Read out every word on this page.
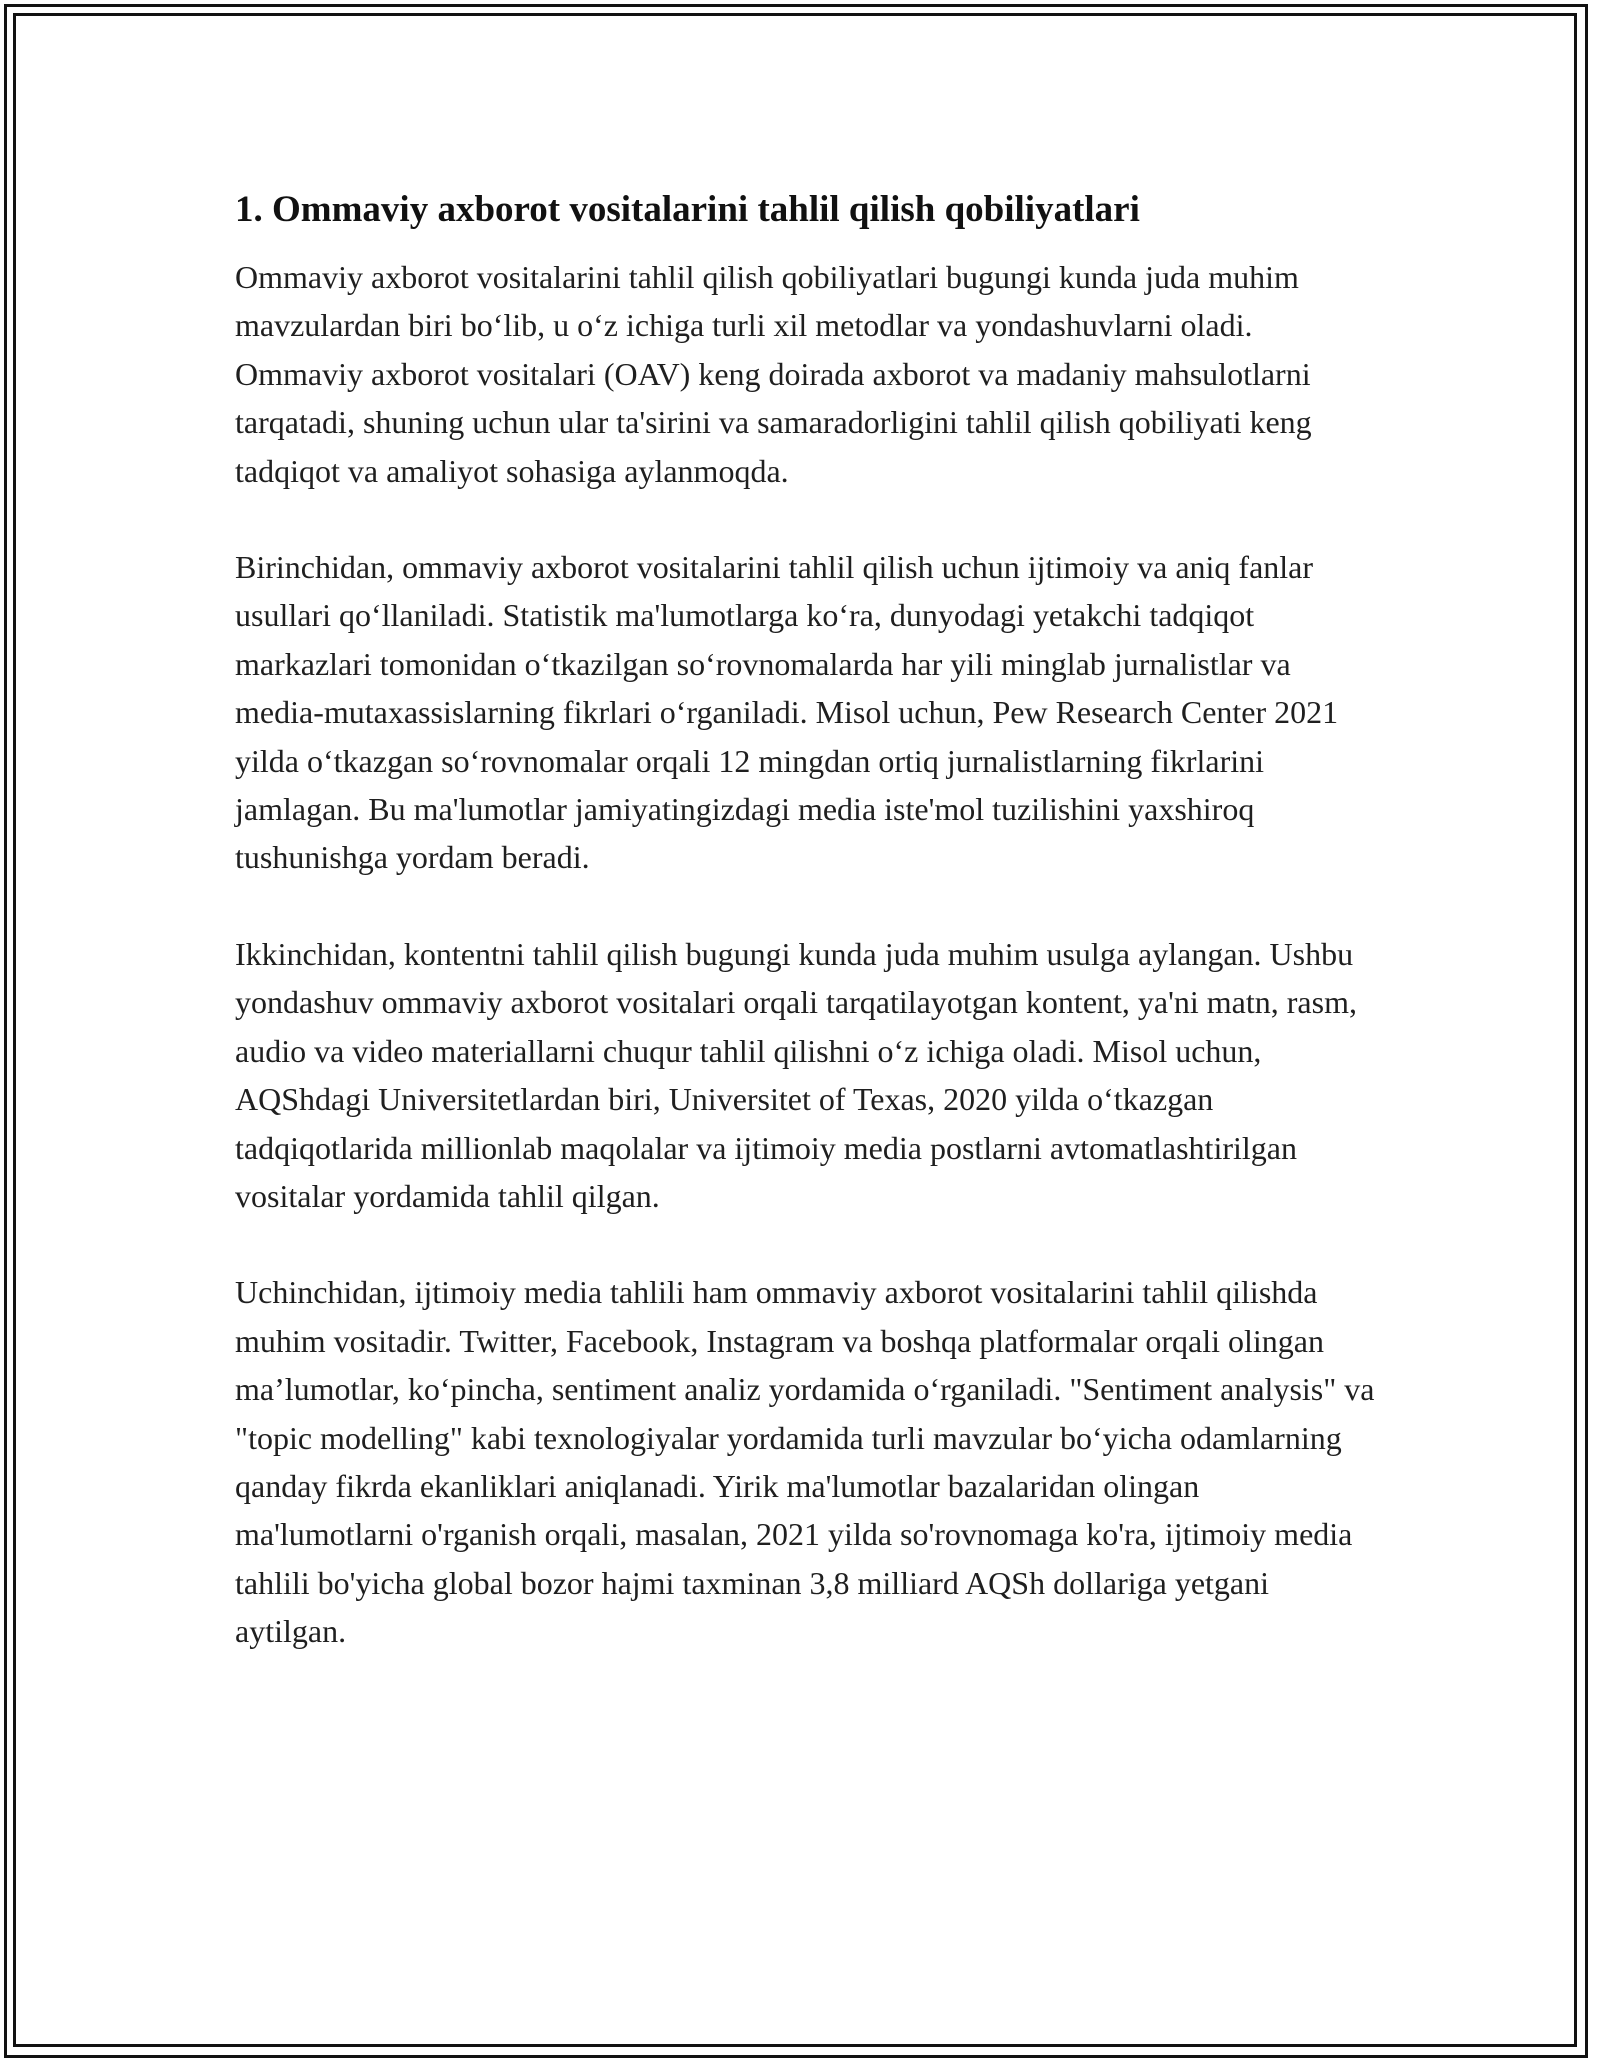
1. Ommaviy axborot vositalarini tahlil qilish qobiliyatlari

Ommaviy axborot vositalarini tahlil qilish qobiliyatlari bugungi kunda juda muhim mavzulardan biri bo‘lib, u o‘z ichiga turli xil metodlar va yondashuvlarni oladi. Ommaviy axborot vositalari (OAV) keng doirada axborot va madaniy mahsulotlarni tarqatadi, shuning uchun ular ta'sirini va samaradorligini tahlil qilish qobiliyati keng tadqiqot va amaliyot sohasiga aylanmoqda.

Birinchidan, ommaviy axborot vositalarini tahlil qilish uchun ijtimoiy va aniq fanlar usullari qo‘llaniladi. Statistik ma'lumotlarga ko‘ra, dunyodagi yetakchi tadqiqot markazlari tomonidan o‘tkazilgan so‘rovnomalarda har yili minglab jurnalistlar va media-mutaxassislarning fikrlari o‘rganiladi. Misol uchun, Pew Research Center 2021 yilda o‘tkazgan so‘rovnomalar orqali 12 mingdan ortiq jurnalistlarning fikrlarini jamlagan. Bu ma'lumotlar jamiyatingizdagi media iste'mol tuzilishini yaxshiroq tushunishga yordam beradi.

Ikkinchidan, kontentni tahlil qilish bugungi kunda juda muhim usulga aylangan. Ushbu yondashuv ommaviy axborot vositalari orqali tarqatilayotgan kontent, ya'ni matn, rasm, audio va video materiallarni chuqur tahlil qilishni o‘z ichiga oladi. Misol uchun, AQShdagi Universitetlardan biri, Universitet of Texas, 2020 yilda o‘tkazgan tadqiqotlarida millionlab maqolalar va ijtimoiy media postlarni avtomatlashtirilgan vositalar yordamida tahlil qilgan.

Uchinchidan, ijtimoiy media tahlili ham ommaviy axborot vositalarini tahlil qilishda muhim vositadir. Twitter, Facebook, Instagram va boshqa platformalar orqali olingan ma’lumotlar, ko‘pincha, sentiment analiz yordamida o‘rganiladi. "Sentiment analysis" va "topic modelling" kabi texnologiyalar yordamida turli mavzular bo‘yicha odamlarning qanday fikrda ekanliklari aniqlanadi. Yirik ma'lumotlar bazalaridan olingan ma'lumotlarni o'rganish orqali, masalan, 2021 yilda so'rovnomaga ko'ra, ijtimoiy media tahlili bo'yicha global bozor hajmi taxminan 3,8 milliard AQSh dollariga yetgani aytilgan.
